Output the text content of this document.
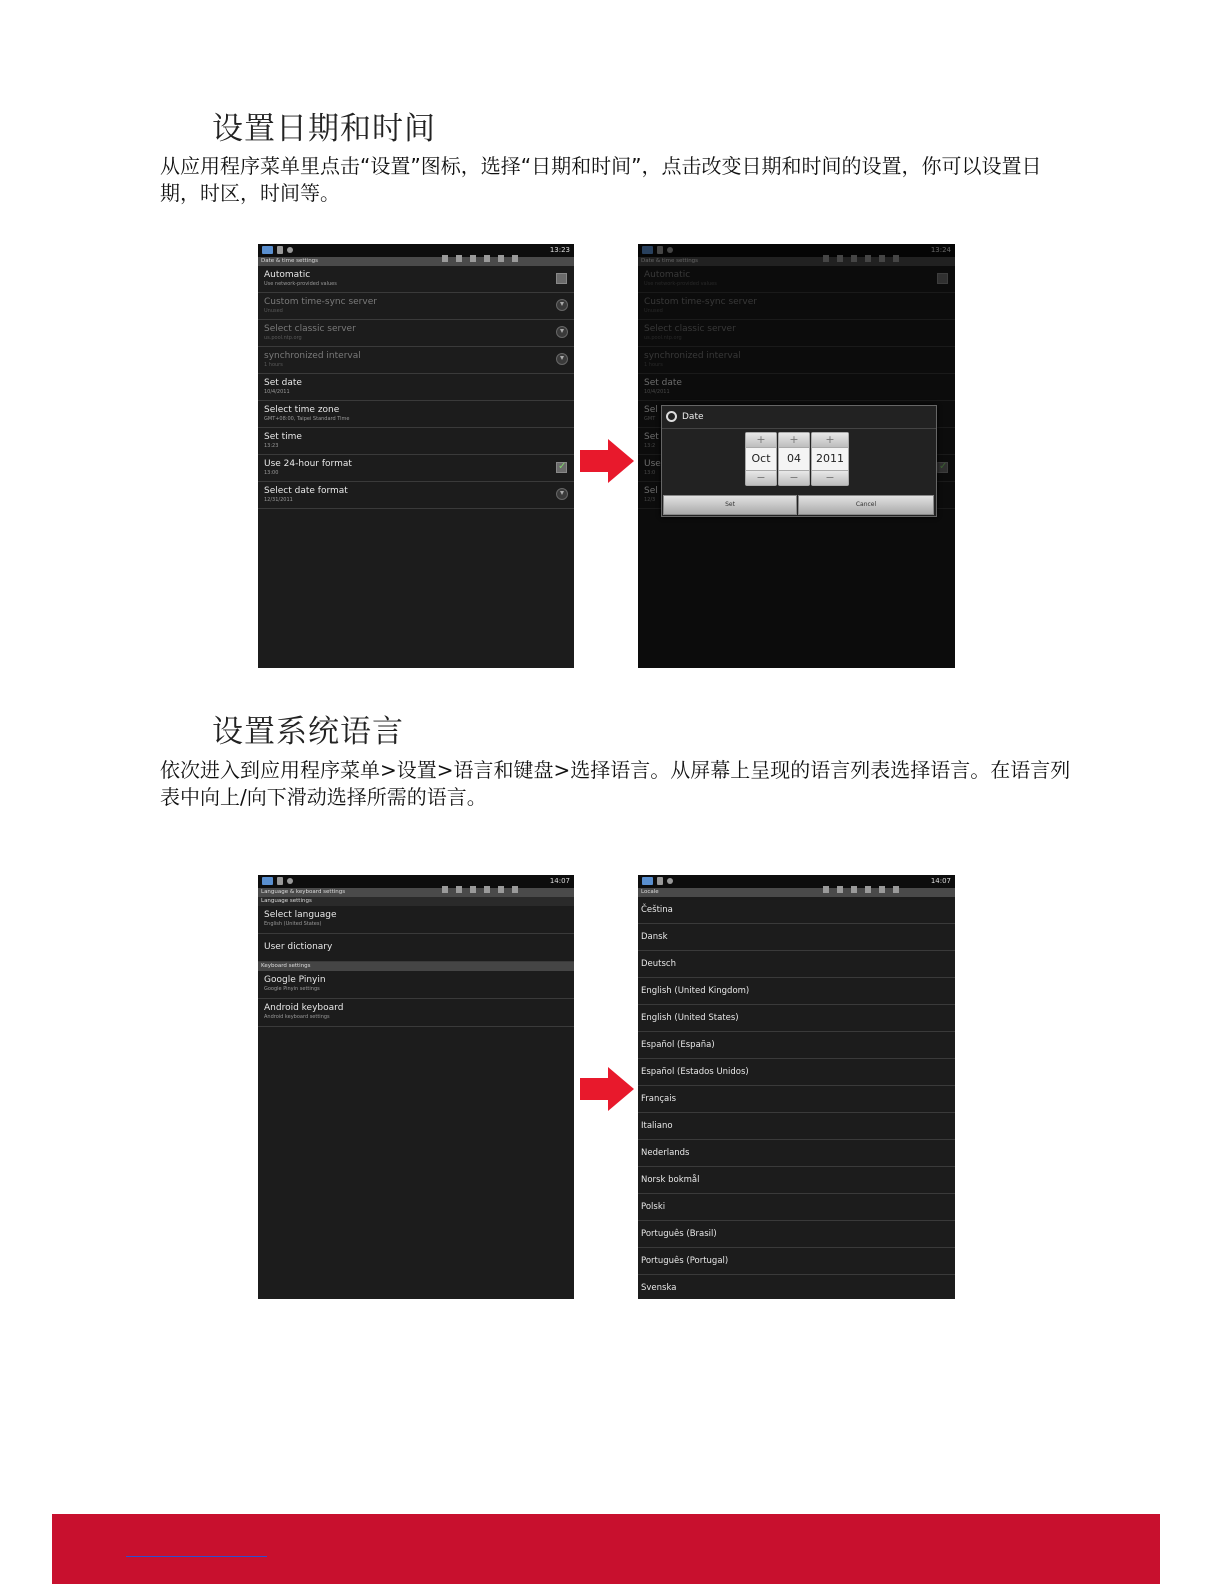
设置日期和时间
从应用程序菜单里点击“设置”图标，选择“日期和时间”，点击改变日期和时间的设置，你可以设置日期，时区，时间等。
13:23
Date & time settings
Automatic
Use network-provided values
Custom time-sync server
Unused
Select classic server
us.pool.ntp.org
synchronized interval
1 hours
Set date
10/4/2011
Select time zone
GMT+08:00, Taipei Standard Time
Set time
13:23
Use 24-hour format
13:00
✓
Select date format
12/31/2011
✓
Date
+
Oct
−
+
04
−
+
2011
−
Set	Cancel
设置系统语言
依次进入到应用程序菜单>设置>语言和键盘>选择语言。从屏幕上呈现的语言列表选择语言。在语言列表中向上/向下滑动选择所需的语言。
14:07
Language & keyboard settings
Language settings
Select language
English (United States)
User dictionary
Keyboard settings
Google Pinyin
Google Pinyin settings
Android keyboard
Android keyboard settings
14:07
Locale
Čeština
Dansk
Deutsch
English (United Kingdom)
English (United States)
Español (España)
Español (Estados Unidos)
Français
Italiano
Nederlands
Norsk bokmål
Polski
Português (Brasil)
Português (Portugal)
Svenska
